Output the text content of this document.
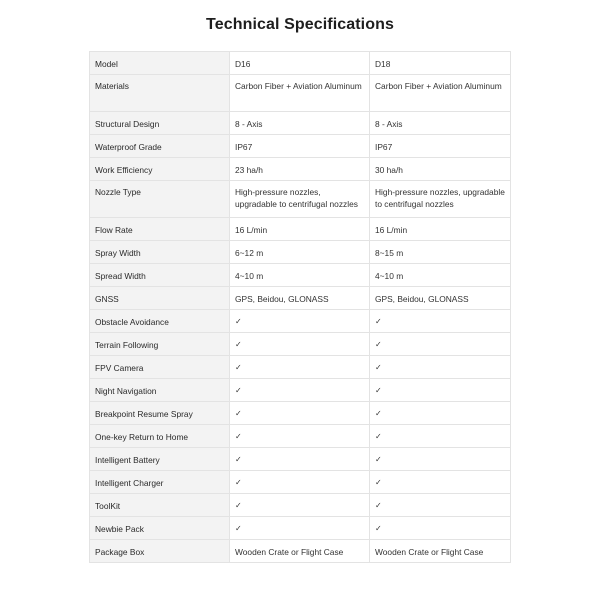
Technical Specifications
Model	D16	D18
Materials	Carbon Fiber + Aviation Aluminum	Carbon Fiber + Aviation Aluminum
Structural Design	8 - Axis	8 - Axis
Waterproof Grade	IP67	IP67
Work Efficiency	23 ha/h	30 ha/h
Nozzle Type	High-pressure nozzles, upgradable to centrifugal nozzles	High-pressure nozzles, upgradable to centrifugal nozzles
Flow Rate	16 L/min	16 L/min
Spray Width	6~12 m	8~15 m
Spread Width	4~10 m	4~10 m
GNSS	GPS, Beidou, GLONASS	GPS, Beidou, GLONASS
Obstacle Avoidance	✓	✓
Terrain Following	✓	✓
FPV Camera	✓	✓
Night Navigation	✓	✓
Breakpoint Resume Spray	✓	✓
One-key Return to Home	✓	✓
Intelligent Battery	✓	✓
Intelligent Charger	✓	✓
ToolKit	✓	✓
Newbie Pack	✓	✓
Package Box	Wooden Crate or Flight Case	Wooden Crate or Flight Case
